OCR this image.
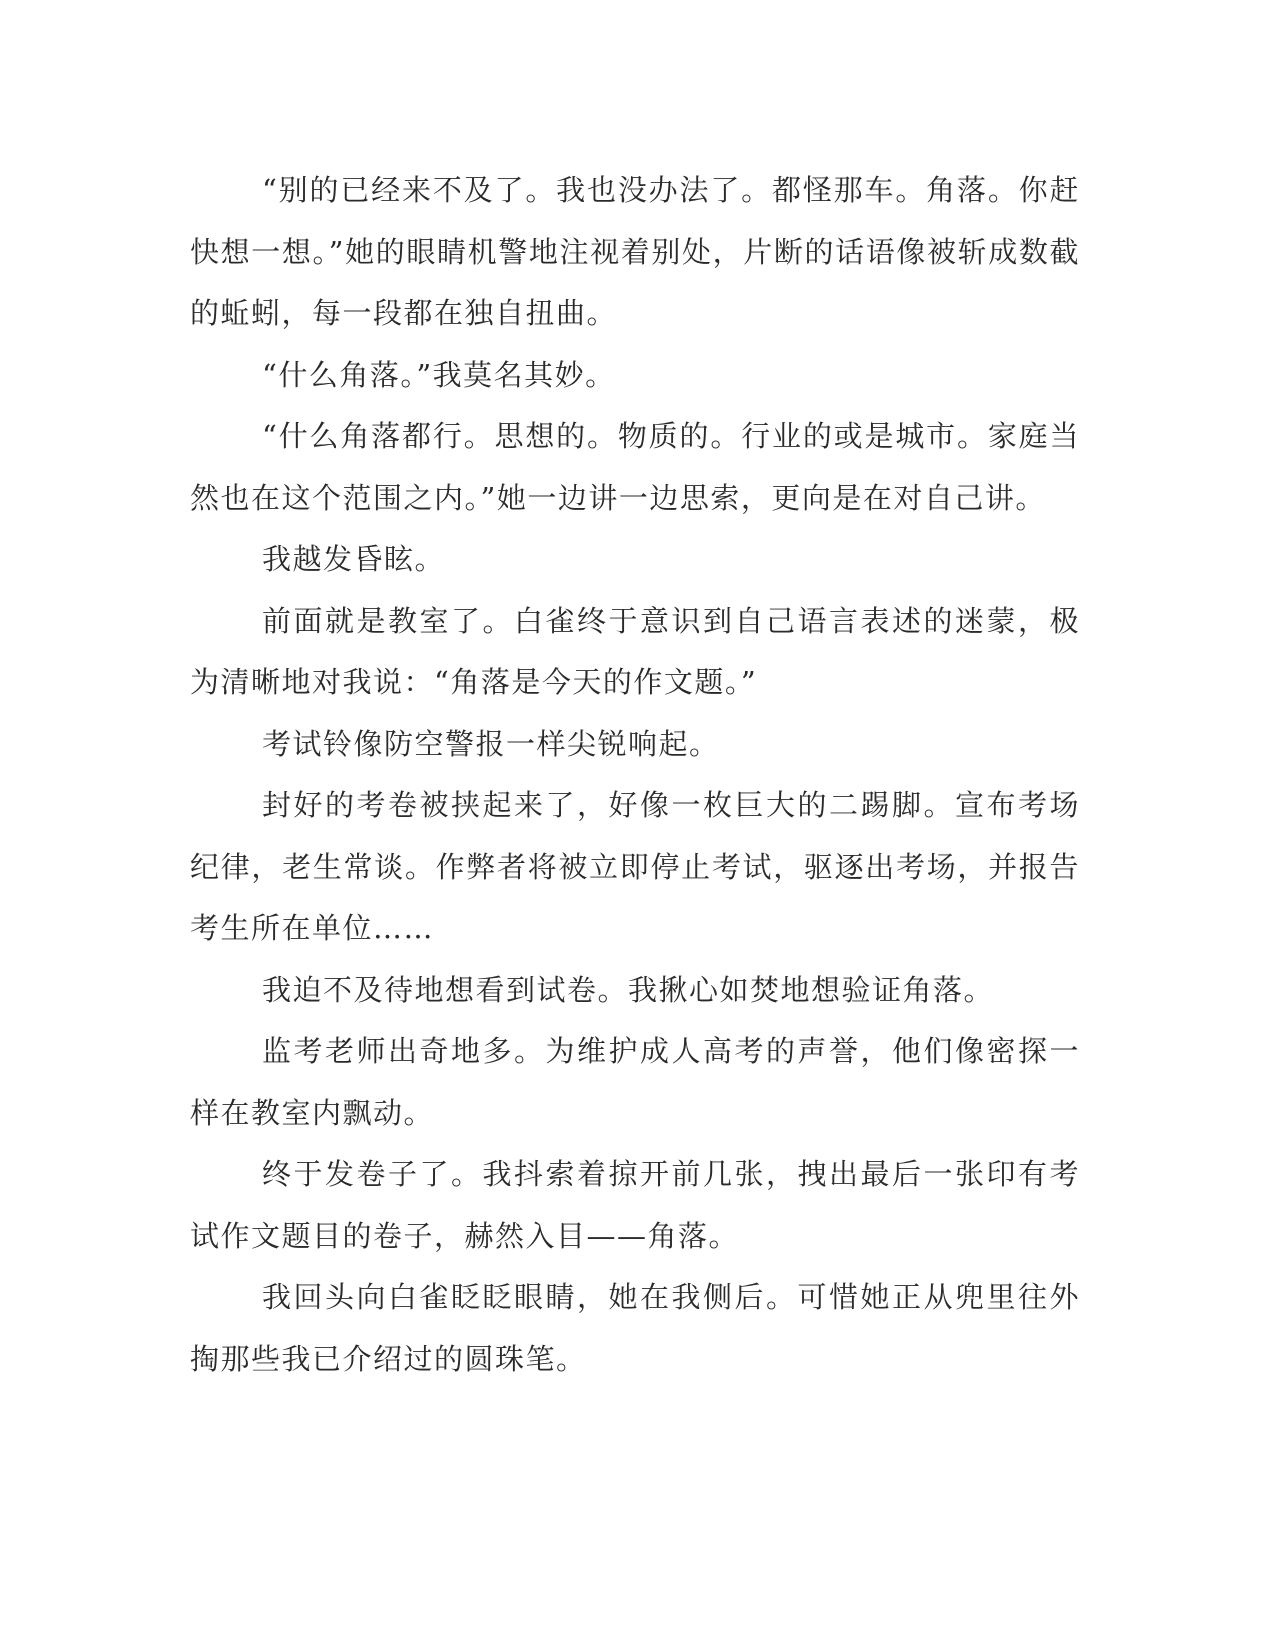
“别的已经来不及了。我也没办法了。都怪那车。角落。你赶快想一想。”她的眼睛机警地注视着别处，片断的话语像被斩成数截的蚯蚓，每一段都在独自扭曲。

“什么角落。”我莫名其妙。

“什么角落都行。思想的。物质的。行业的或是城市。家庭当然也在这个范围之内。”她一边讲一边思索，更向是在对自己讲。

我越发昏眩。

前面就是教室了。白雀终于意识到自己语言表述的迷蒙，极为清晰地对我说：“角落是今天的作文题。”

考试铃像防空警报一样尖锐响起。

封好的考卷被挟起来了，好像一枚巨大的二踢脚。宣布考场纪律，老生常谈。作弊者将被立即停止考试，驱逐出考场，并报告考生所在单位……

我迫不及待地想看到试卷。我揪心如焚地想验证角落。

监考老师出奇地多。为维护成人高考的声誉，他们像密探一样在教室内飘动。

终于发卷子了。我抖索着掠开前几张，拽出最后一张印有考试作文题目的卷子，赫然入目——角落。

我回头向白雀眨眨眼睛，她在我侧后。可惜她正从兜里往外掏那些我已介绍过的圆珠笔。
